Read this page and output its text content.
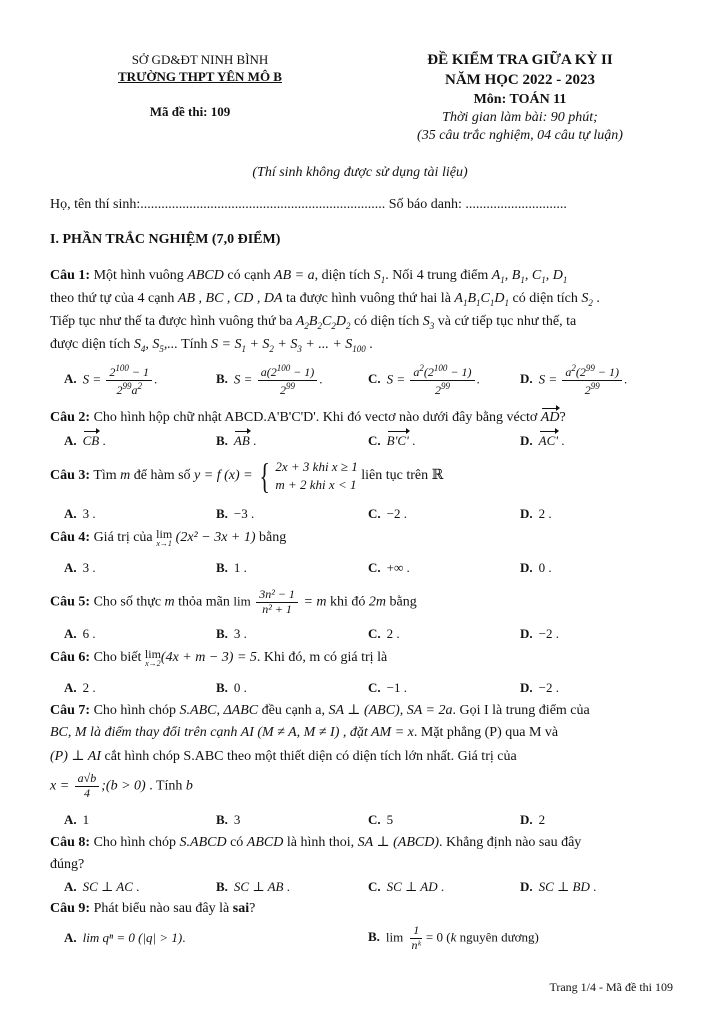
SỞ GD&ĐT NINH BÌNH
TRƯỜNG THPT YÊN MÔ B
Mã đề thi: 109
ĐỀ KIỂM TRA GIỮA KỲ II
NĂM HỌC 2022 - 2023
Môn: TOÁN 11
Thời gian làm bài: 90 phút;
(35 câu trắc nghiệm, 04 câu tự luận)
(Thí sinh không được sử dụng tài liệu)
Họ, tên thí sinh:...................................................................... Số báo danh: .............................
I. PHẦN TRẮC NGHIỆM (7,0 ĐIỂM)
Câu 1: Một hình vuông ABCD có cạnh AB = a, diện tích $S_1$. Nối 4 trung điểm $A_1$, $B_1$, $C_1$, $D_1$
theo thứ tự của 4 cạnh AB , BC , CD , DA ta được hình vuông thứ hai là $A_1B_1C_1D_1$ có diện tích $S_2$ .
Tiếp tục như thế ta được hình vuông thứ ba $A_2B_2C_2D_2$ có diện tích $S_3$ và cứ tiếp tục như thế, ta
được diện tích $S_4$, $S_5$,... Tính $S = S_1 + S_2 + S_3$ + ... + $S_{100}$ .
A. $S = \frac{2^{100} - 1}{2^{99}a^2}$ .	B. $S = \frac{a(2^{100} - 1)}{2^{99}}$ .	C. $S = \frac{a^2(2^{100} - 1)}{2^{99}}$ .	D. $S = \frac{a^2(2^{99} - 1)}{2^{99}}$ .
Câu 2: Cho hình hộp chữ nhật ABCD.A'B'C'D'. Khi đó vectơ nào dưới đây bằng véctơ AD?
A. CB .	B. AB .	C. B'C' .	D. AC' .
Câu 3: Tìm m để hàm số y = f (x) = { 2x + 3 khi x ≥ 1
m + 2 khi x < 1
liên tục trên ℝ
A. 3 .	B. −3 .	C. −2 .	D. 2 .
Câu 4: Giá trị của lim
x→1 (2x² − 3x + 1) bằng
A. 3 .	B. 1 .	C. +∞ .	D. 0 .
Câu 5: Cho số thực m thỏa mãn $\lim \frac{\text{3n² − 1}}{\text{n² + 1}} = m$ khi đó 2m bằng
A. 6 .	B. 3 .	C. 2 .	D. −2 .
Câu 6: Cho biết lim
x→2 (4x + m − 3) = 5. Khi đó, m có giá trị là
A. 2 .	B. 0 .	C. −1 .	D. −2 .
Câu 7: Cho hình chóp S.ABC, ΔABC đều cạnh a, SA ⊥ (ABC), SA = 2a. Gọi I là trung điểm của
BC, M là điểm thay đổi trên cạnh AI (M ≠ A, M ≠ I) , đặt AM = x. Mặt phẳng (P) qua M và
(P) ⊥ AI cắt hình chóp S.ABC theo một thiết diện có diện tích lớn nhất. Giá trị của
$x = \frac{a√b}{4}$ ;(b > 0) . Tính b
A. 1	B. 3	C. 5	D. 2
Câu 8: Cho hình chóp S.ABCD có ABCD là hình thoi, SA ⊥ (ABCD). Khẳng định nào sau đây
đúng?
A. SC ⊥ AC .	B. SC ⊥ AB .	C. SC ⊥ AD .	D. SC ⊥ BD .
Câu 9: Phát biểu nào sau đây là sai?
A. lim qⁿ = 0 (|q| > 1).	B. $\lim \frac{1}{\text{nᵏ}} = 0$ (k nguyên dương)
Trang 1/4 - Mã đề thi 109
